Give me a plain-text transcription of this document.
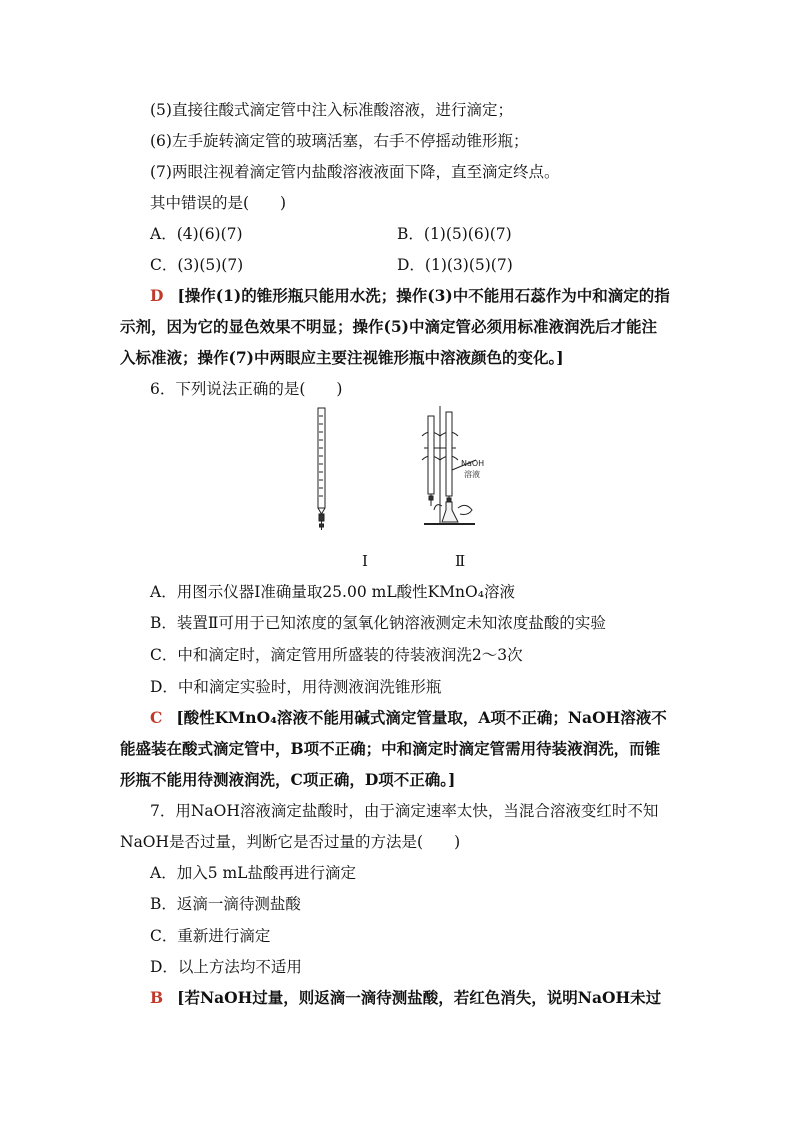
(5)直接往酸式滴定管中注入标准酸溶液，进行滴定；
(6)左手旋转滴定管的玻璃活塞，右手不停摇动锥形瓶；
(7)两眼注视着滴定管内盐酸溶液液面下降，直至滴定终点。
其中错误的是(　　)
A．(4)(6)(7)	B．(1)(5)(6)(7)
C．(3)(5)(7)	D．(1)(3)(5)(7)
D [操作(1)的锥形瓶只能用水洗；操作(3)中不能用石蕊作为中和滴定的指
示剂，因为它的显色效果不明显；操作(5)中滴定管必须用标准液润洗后才能注
入标准液；操作(7)中两眼应主要注视锥形瓶中溶液颜色的变化。]
6．下列说法正确的是(　　)
NaOH
溶液
Ⅰ	Ⅱ
A．用图示仪器Ⅰ准确量取25.00 mL酸性KMnO₄溶液
B．装置Ⅱ可用于已知浓度的氢氧化钠溶液测定未知浓度盐酸的实验
C．中和滴定时，滴定管用所盛装的待装液润洗2～3次
D．中和滴定实验时，用待测液润洗锥形瓶
C [酸性KMnO₄溶液不能用碱式滴定管量取，A项不正确；NaOH溶液不
能盛装在酸式滴定管中，B项不正确；中和滴定时滴定管需用待装液润洗，而锥
形瓶不能用待测液润洗，C项正确，D项不正确。]
7．用NaOH溶液滴定盐酸时，由于滴定速率太快，当混合溶液变红时不知
NaOH是否过量，判断它是否过量的方法是(　　)
A．加入5 mL盐酸再进行滴定
B．返滴一滴待测盐酸
C．重新进行滴定
D．以上方法均不适用
B [若NaOH过量，则返滴一滴待测盐酸，若红色消失，说明NaOH未过
